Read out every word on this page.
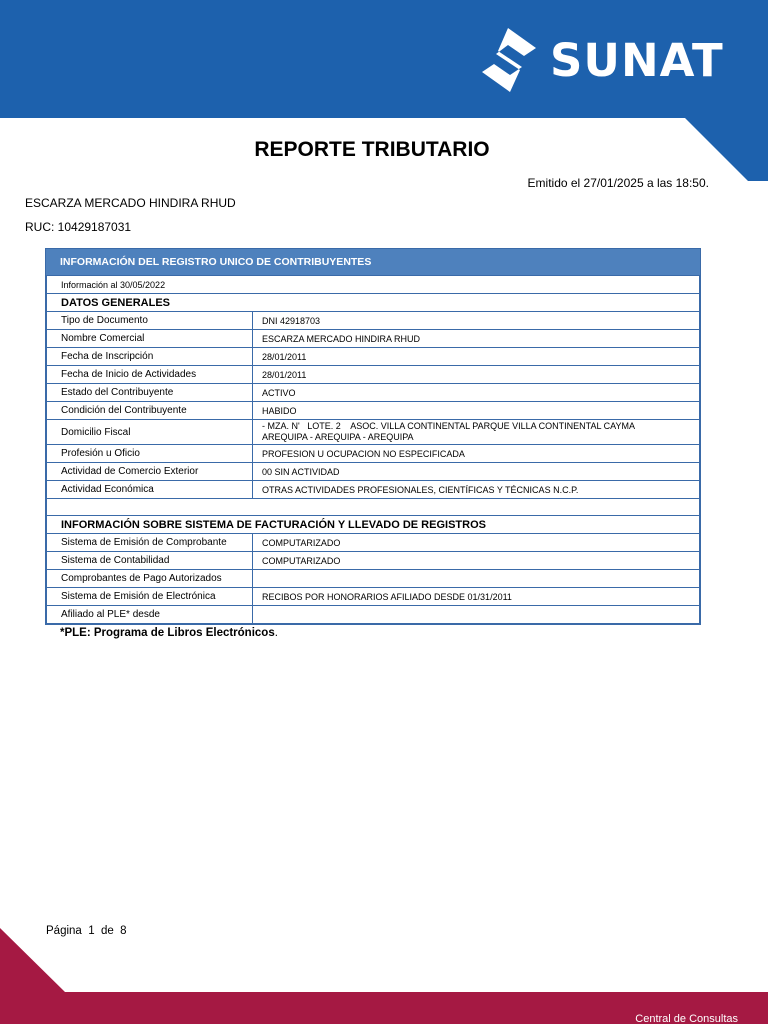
SUNAT
REPORTE TRIBUTARIO
Emitido el 27/01/2025 a las 18:50.
ESCARZA MERCADO HINDIRA RHUD
RUC: 10429187031
INFORMACIÓN DEL REGISTRO UNICO DE CONTRIBUYENTES
Información al 30/05/2022	
DATOS GENERALES	
Tipo de Documento	DNI 42918703
Nombre Comercial	ESCARZA MERCADO HINDIRA RHUD
Fecha de Inscripción	28/01/2011
Fecha de Inicio de Actividades	28/01/2011
Estado del Contribuyente	ACTIVO
Condición del Contribuyente	HABIDO
Domicilio Fiscal	- MZA. N'   LOTE. 2    ASOC. VILLA CONTINENTAL PARQUE VILLA CONTINENTAL CAYMA
AREQUIPA - AREQUIPA - AREQUIPA

Profesión u Oficio	PROFESION U OCUPACION NO ESPECIFICADA
Actividad de Comercio Exterior	00 SIN ACTIVIDAD
Actividad Económica	OTRAS ACTIVIDADES PROFESIONALES, CIENTÍFICAS Y TÉCNICAS N.C.P.

INFORMACIÓN SOBRE SISTEMA DE FACTURACIÓN Y LLEVADO DE REGISTROS	
Sistema de Emisión de Comprobante	COMPUTARIZADO
Sistema de Contabilidad	COMPUTARIZADO
Comprobantes de Pago Autorizados	
Sistema de Emisión de Electrónica	RECIBOS POR HONORARIOS AFILIADO DESDE 01/31/2011
Afiliado al PLE* desde	
*PLE: Programa de Libros Electrónicos.
Página  1  de  8
Central de Consultas
